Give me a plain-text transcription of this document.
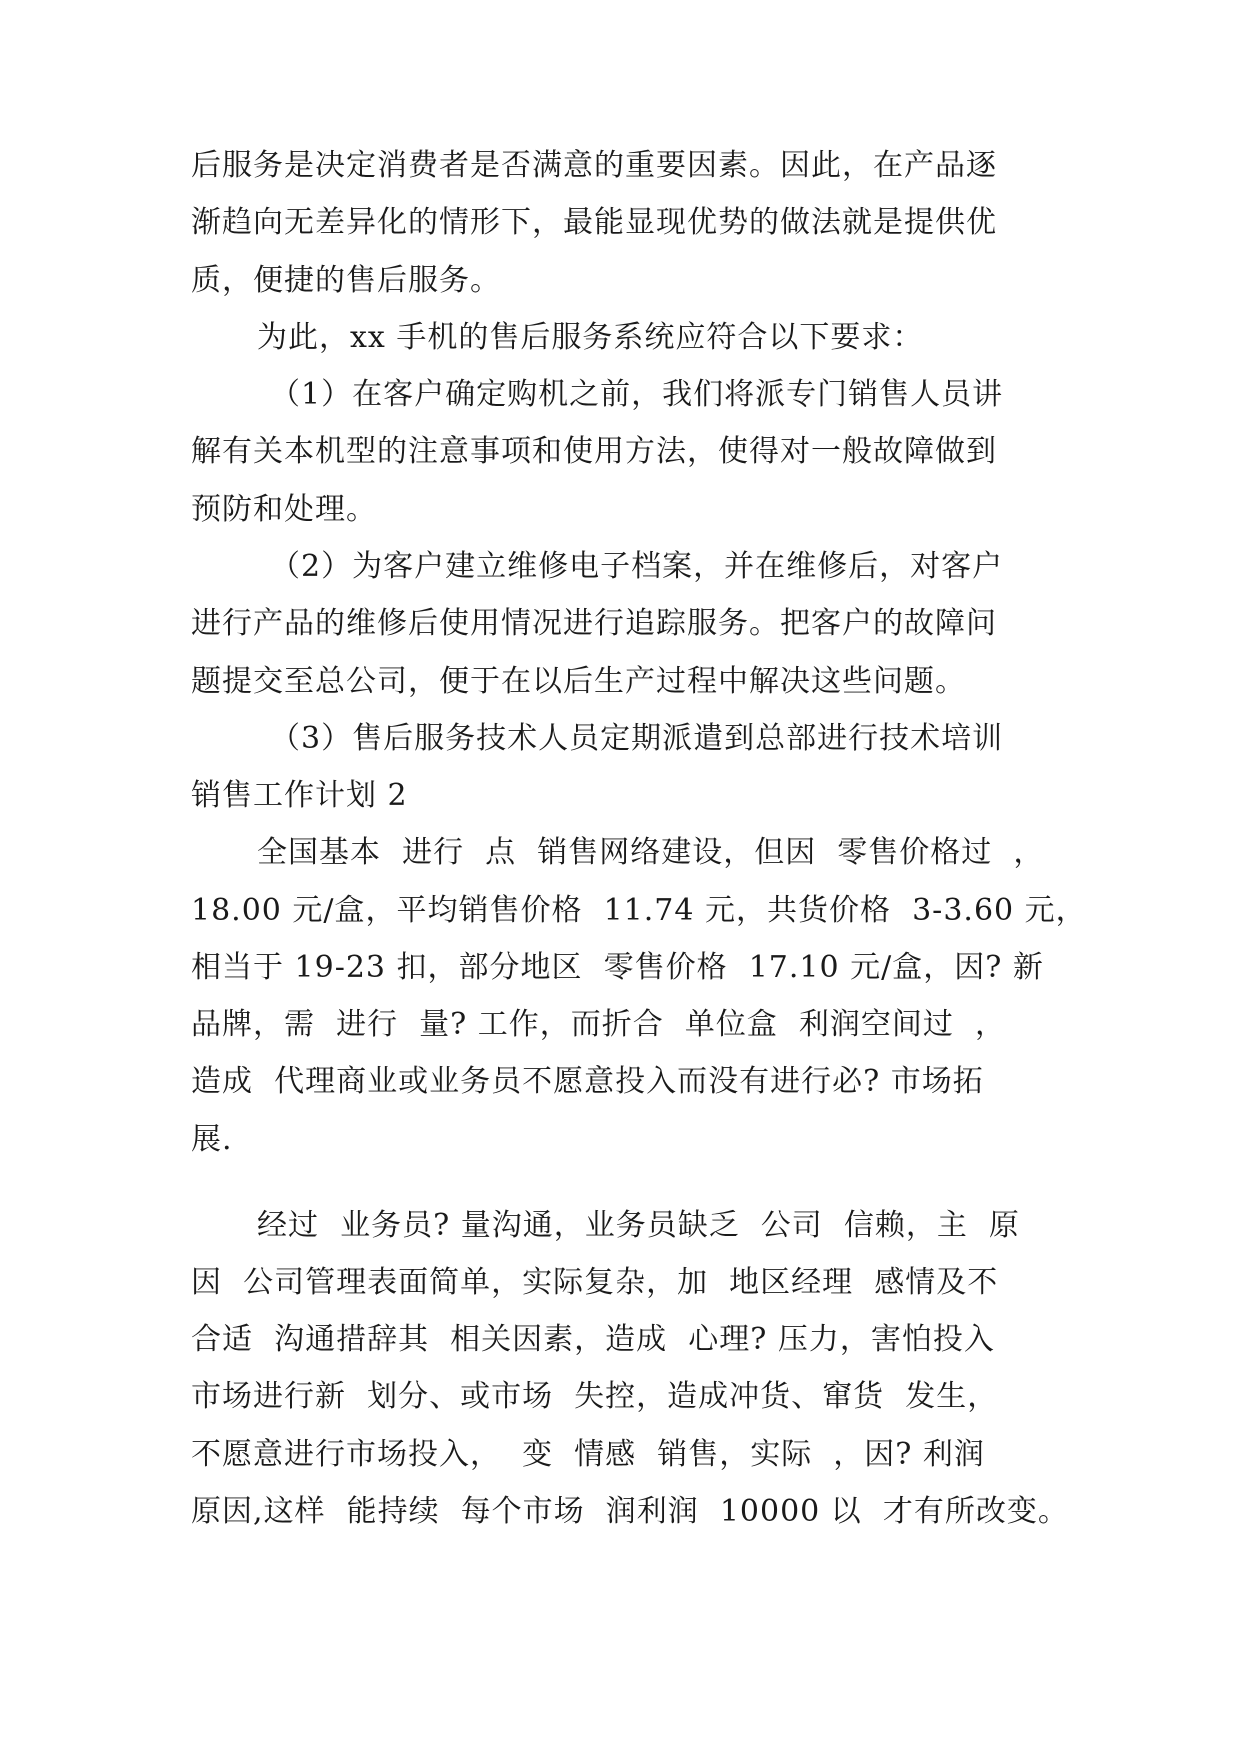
后服务是决定消费者是否满意的重要因素。因此，在产品逐

渐趋向无差异化的情形下，最能显现优势的做法就是提供优

质，便捷的售后服务。

为此，xx 手机的售后服务系统应符合以下要求：

（1）在客户确定购机之前，我们将派专门销售人员讲

解有关本机型的注意事项和使用方法，使得对一般故障做到

预防和处理。

（2）为客户建立维修电子档案，并在维修后，对客户

进行产品的维修后使用情况进行追踪服务。把客户的故障问

题提交至总公司，便于在以后生产过程中解决这些问题。

（3）售后服务技术人员定期派遣到总部进行技术培训

销售工作计划 2

全国基本  进行  点  销售网络建设，但因  零售价格过  ，

18.00 元/盒，平均销售价格  11.74 元，共货价格  3-3.60 元，

相当于 19-23 扣，部分地区  零售价格  17.10 元/盒，因? 新

品牌，需  进行  量? 工作，而折合  单位盒  利润空间过  ，

造成  代理商业或业务员不愿意投入而没有进行必? 市场拓

展.

经过  业务员? 量沟通，业务员缺乏  公司  信赖，主  原

因  公司管理表面简单，实际复杂，加  地区经理  感情及不

合适  沟通措辞其  相关因素，造成  心理? 压力，害怕投入

市场进行新  划分、或市场  失控，造成冲货、窜货  发生，

不愿意进行市场投入，  变  情感  销售，实际  ，因? 利润

原因,这样  能持续  每个市场  润利润  10000 以  才有所改变。
